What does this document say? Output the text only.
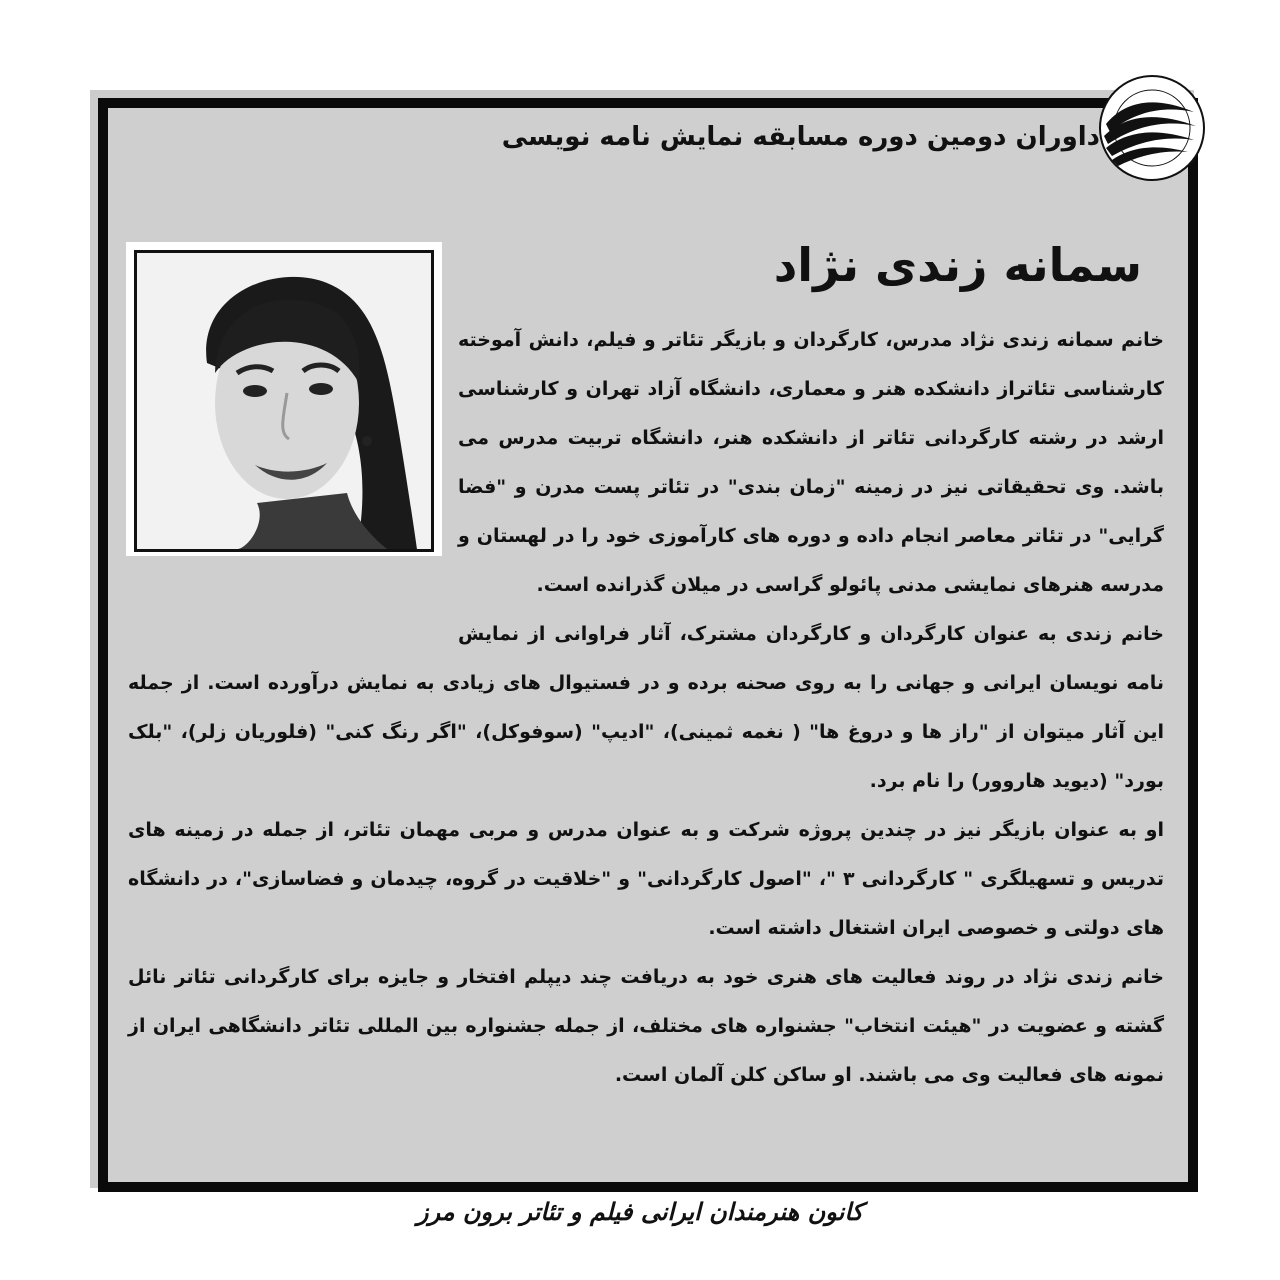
داوران دومین دوره مسابقه نمایش نامه نویسی
سمانه زندی نژاد

خانم سمانه زندی نژاد مدرس، کارگردان و بازیگر تئاتر و فیلم، دانش آموخته کارشناسی تئاتراز دانشکده هنر و معماری، دانشگاه آزاد تهران و کارشناسی ارشد در رشته کارگردانی تئاتر از دانشکده هنر، دانشگاه تربیت مدرس می باشد. وی تحقیقاتی نیز در زمینه "زمان بندی" در تئاتر پست مدرن و "فضا گرایی" در تئاتر معاصر انجام داده و دوره های کارآموزی خود را در لهستان و مدرسه هنرهای نمایشی مدنی پائولو گراسی در میلان گذرانده است.

خانم زندی به عنوان کارگردان و کارگردان مشترک، آثار فراوانی از نمایش نامه نویسان ایرانی و جهانی را به روی صحنه برده و در فستیوال های زیادی به نمایش درآورده است. از جمله این آثار میتوان از "راز ها و دروغ ها" ( نغمه ثمینی)، "ادیپ" (سوفوکل)، "اگر رنگ کنی" (فلوریان زلر)، "بلک بورد" (دیوید هاروور) را نام برد.

او به عنوان بازیگر نیز در چندین پروژه شرکت و به عنوان مدرس و مربی مهمان تئاتر، از جمله در زمینه های تدریس و تسهیلگری " کارگردانی ۳ "، "اصول کارگردانی" و "خلاقیت در گروه، چیدمان و فضاسازی"، در دانشگاه های دولتی و خصوصی ایران اشتغال داشته است.

خانم زندی نژاد در روند فعالیت های هنری خود به دریافت چند دیپلم افتخار و جایزه برای کارگردانی تئاتر نائل گشته و عضویت در "هیئت انتخاب" جشنواره های مختلف، از جمله جشنواره بین المللی تئاتر دانشگاهی ایران از نمونه های فعالیت وی می باشند. او ساکن کلن آلمان است.

کانون هنرمندان ایرانی فیلم و تئاتر برون مرز
